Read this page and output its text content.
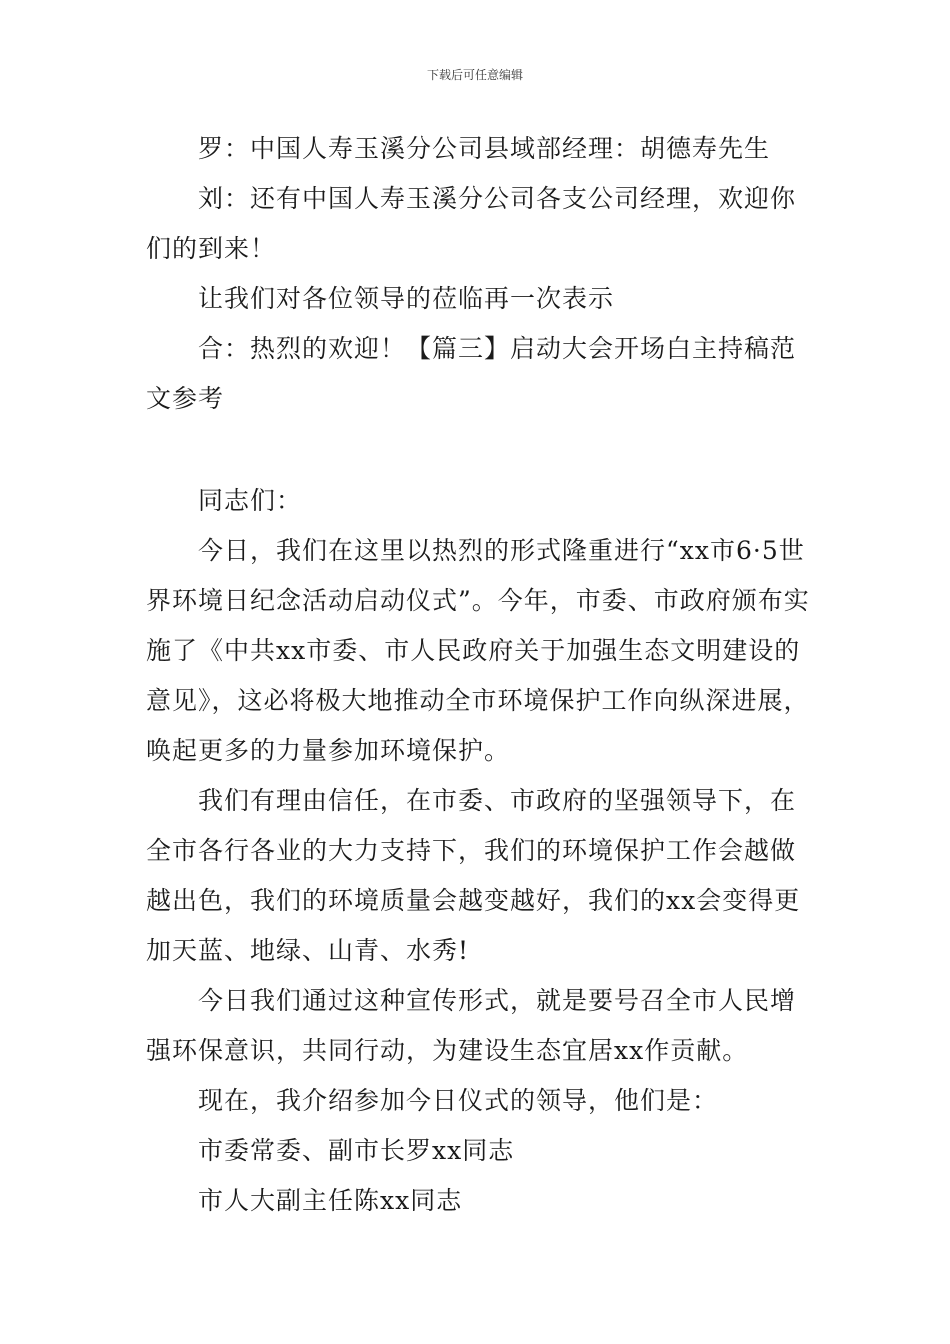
下载后可任意编辑

罗：中国人寿玉溪分公司县域部经理：胡德寿先生

刘：还有中国人寿玉溪分公司各支公司经理，欢迎你们的到来！

让我们对各位领导的莅临再一次表示

合：热烈的欢迎！【篇三】启动大会开场白主持稿范文参考

同志们：

今日，我们在这里以热烈的形式隆重进行“xx市6·5世界环境日纪念活动启动仪式”。今年，市委、市政府颁布实施了《中共xx市委、市人民政府关于加强生态文明建设的意见》，这必将极大地推动全市环境保护工作向纵深进展，唤起更多的力量参加环境保护。

我们有理由信任，在市委、市政府的坚强领导下，在全市各行各业的大力支持下，我们的环境保护工作会越做越出色，我们的环境质量会越变越好，我们的xx会变得更加天蓝、地绿、山青、水秀!

今日我们通过这种宣传形式，就是要号召全市人民增强环保意识，共同行动，为建设生态宜居xx作贡献。

现在，我介绍参加今日仪式的领导，他们是：

市委常委、副市长罗xx同志

市人大副主任陈xx同志
